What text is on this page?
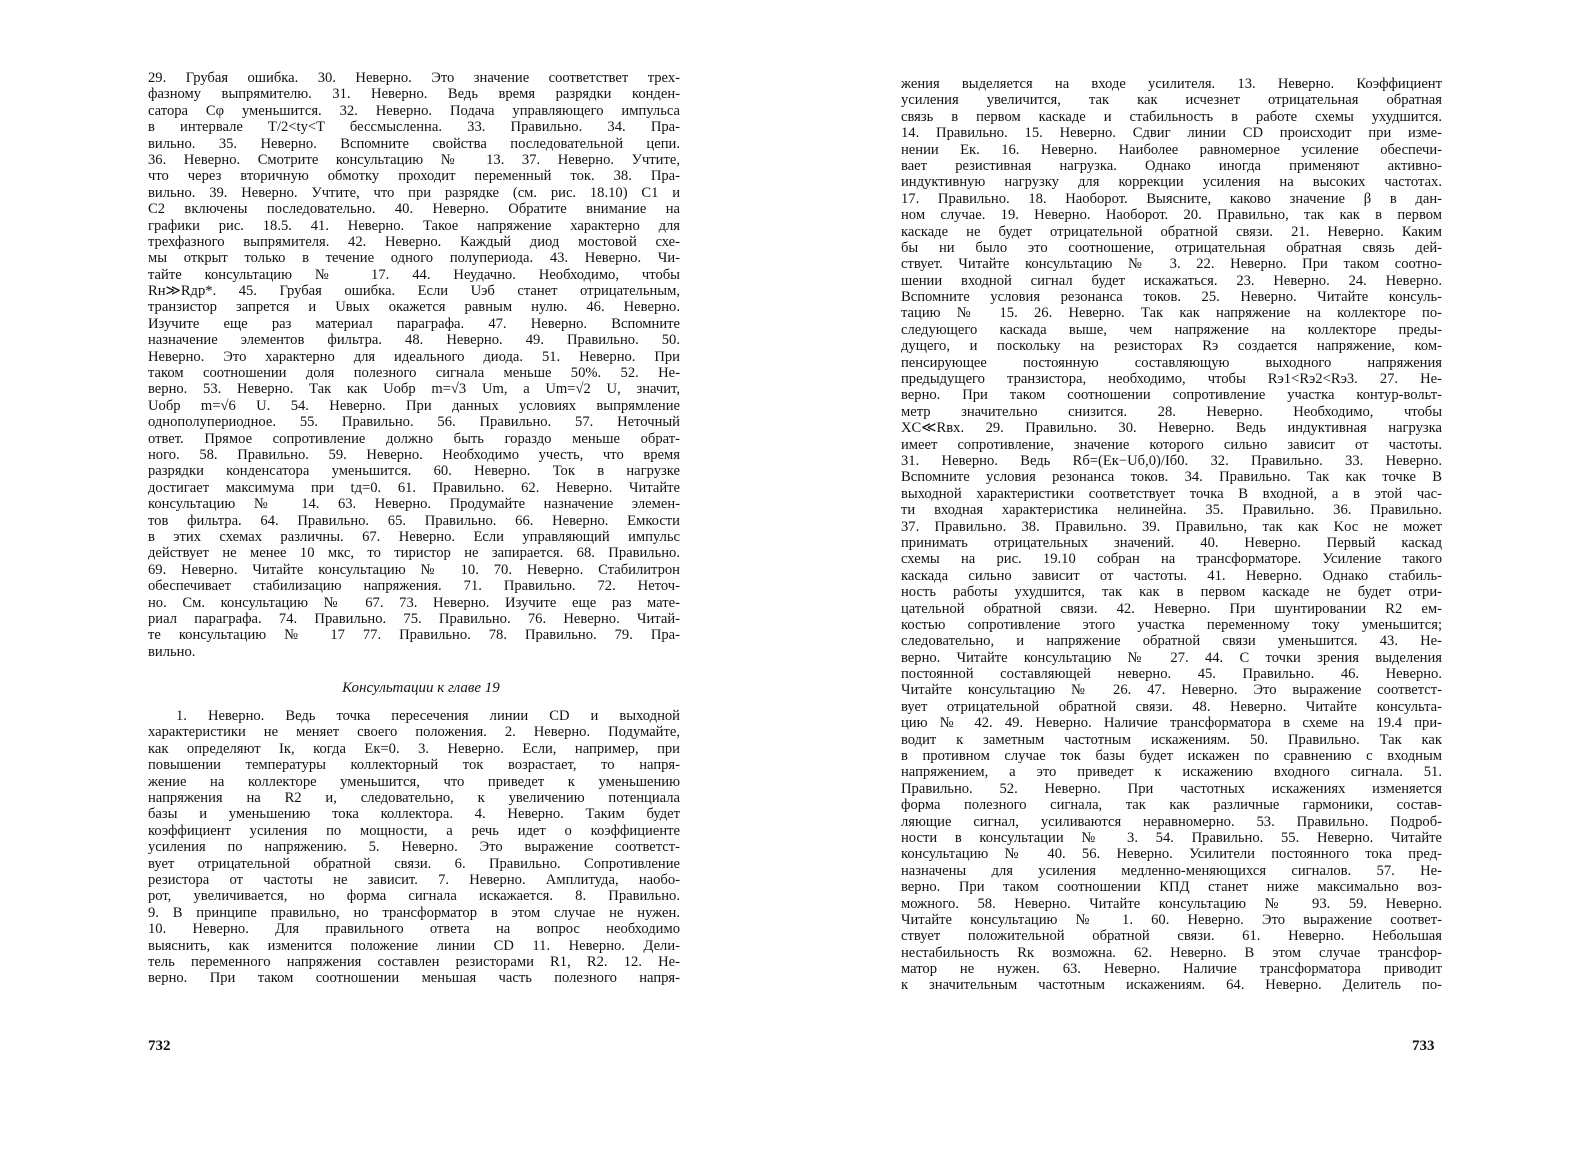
29. Грубая ошибка. 30. Неверно. Это значение соответствет трех-
фазному выпрямителю. 31. Неверно. Ведь время разрядки конден-
сатора Cφ уменьшится. 32. Неверно. Подача управляющего импульса
в интервале T/2<tу<T бессмысленна. 33. Правильно. 34. Пра-
вильно. 35. Неверно. Вспомните свойства последовательной цепи.
36. Неверно. Смотрите консультацию № 13. 37. Неверно. Учтите,
что через вторичную обмотку проходит переменный ток. 38. Пра-
вильно. 39. Неверно. Учтите, что при разрядке (см. рис. 18.10) C1 и
C2 включены последовательно. 40. Неверно. Обратите внимание на
графики рис. 18.5. 41. Неверно. Такое напряжение характерно для
трехфазного выпрямителя. 42. Неверно. Каждый диод мостовой схе-
мы открыт только в течение одного полупериода. 43. Неверно. Чи-
тайте консультацию № 17. 44. Неудачно. Необходимо, чтобы
Rн≫Rдр*. 45. Грубая ошибка. Если Uэб станет отрицательным,
транзистор запрется и Uвых окажется равным нулю. 46. Неверно.
Изучите еще раз материал параграфа. 47. Неверно. Вспомните
назначение элементов фильтра. 48. Неверно. 49. Правильно. 50.
Неверно. Это характерно для идеального диода. 51. Неверно. При
таком соотношении доля полезного сигнала меньше 50%. 52. Не-
верно. 53. Неверно. Так как Uобр m=√3 Um, а Um=√2 U, значит,
Uобр m=√6 U. 54. Неверно. При данных условиях выпрямление
однополупериодное. 55. Правильно. 56. Правильно. 57. Неточный
ответ. Прямое сопротивление должно быть гораздо меньше обрат-
ного. 58. Правильно. 59. Неверно. Необходимо учесть, что время
разрядки конденсатора уменьшится. 60. Неверно. Ток в нагрузке
достигает максимума при tд=0. 61. Правильно. 62. Неверно. Читайте
консультацию № 14. 63. Неверно. Продумайте назначение элемен-
тов фильтра. 64. Правильно. 65. Правильно. 66. Неверно. Емкости
в этих схемах различны. 67. Неверно. Если управляющий импульс
действует не менее 10 мкс, то тиристор не запирается. 68. Правильно.
69. Неверно. Читайте консультацию № 10. 70. Неверно. Стабилитрон
обеспечивает стабилизацию напряжения. 71. Правильно. 72. Неточ-
но. См. консультацию № 67. 73. Неверно. Изучите еще раз мате-
риал параграфа. 74. Правильно. 75. Правильно. 76. Неверно. Читай-
те консультацию № 17 77. Правильно. 78. Правильно. 79. Пра-
вильно.
Консультации к главе 19
1. Неверно. Ведь точка пересечения линии CD и выходной
характеристики не меняет своего положения. 2. Неверно. Подумайте,
как определяют Iк, когда Eк=0. 3. Неверно. Если, например, при
повышении температуры коллекторный ток возрастает, то напря-
жение на коллекторе уменьшится, что приведет к уменьшению
напряжения на R2 и, следовательно, к увеличению потенциала
базы и уменьшению тока коллектора. 4. Неверно. Таким будет
коэффициент усиления по мощности, а речь идет о коэффициенте
усиления по напряжению. 5. Неверно. Это выражение соответст-
вует отрицательной обратной связи. 6. Правильно. Сопротивление
резистора от частоты не зависит. 7. Неверно. Амплитуда, наобо-
рот, увеличивается, но форма сигнала искажается. 8. Правильно.
9. В принципе правильно, но трансформатор в этом случае не нужен.
10. Неверно. Для правильного ответа на вопрос необходимо
выяснить, как изменится положение линии CD 11. Неверно. Дели-
тель переменного напряжения составлен резисторами R1, R2. 12. Не-
верно. При таком соотношении меньшая часть полезного напря-
732
жения выделяется на входе усилителя. 13. Неверно. Коэффициент
усиления увеличится, так как исчезнет отрицательная обратная
связь в первом каскаде и стабильность в работе схемы ухудшится.
14. Правильно. 15. Неверно. Сдвиг линии CD происходит при изме-
нении Eк. 16. Неверно. Наиболее равномерное усиление обеспечи-
вает резистивная нагрузка. Однако иногда применяют активно-
индуктивную нагрузку для коррекции усиления на высоких частотах.
17. Правильно. 18. Наоборот. Выясните, каково значение β в дан-
ном случае. 19. Неверно. Наоборот. 20. Правильно, так как в первом
каскаде не будет отрицательной обратной связи. 21. Неверно. Каким
бы ни было это соотношение, отрицательная обратная связь дей-
ствует. Читайте консультацию № 3. 22. Неверно. При таком соотно-
шении входной сигнал будет искажаться. 23. Неверно. 24. Неверно.
Вспомните условия резонанса токов. 25. Неверно. Читайте консуль-
тацию № 15. 26. Неверно. Так как напряжение на коллекторе по-
следующего каскада выше, чем напряжение на коллекторе преды-
дущего, и поскольку на резисторах Rэ создается напряжение, ком-
пенсирующее постоянную составляющую выходного напряжения
предыдущего транзистора, необходимо, чтобы Rэ1<Rэ2<Rэ3. 27. Не-
верно. При таком соотношении сопротивление участка контур-вольт-
метр значительно снизится. 28. Неверно. Необходимо, чтобы
XC≪Rвх. 29. Правильно. 30. Неверно. Ведь индуктивная нагрузка
имеет сопротивление, значение которого сильно зависит от частоты.
31. Неверно. Ведь Rб=(Eк−Uб,0)/Iб0. 32. Правильно. 33. Неверно.
Вспомните условия резонанса токов. 34. Правильно. Так как точке B
выходной характеристики соответствует точка B входной, а в этой час-
ти входная характеристика нелинейна. 35. Правильно. 36. Правильно.
37. Правильно. 38. Правильно. 39. Правильно, так как Kос не может
принимать отрицательных значений. 40. Неверно. Первый каскад
схемы на рис. 19.10 собран на трансформаторе. Усиление такого
каскада сильно зависит от частоты. 41. Неверно. Однако стабиль-
ность работы ухудшится, так как в первом каскаде не будет отри-
цательной обратной связи. 42. Неверно. При шунтировании R2 ем-
костью сопротивление этого участка переменному току уменьшится;
следовательно, и напряжение обратной связи уменьшится. 43. Не-
верно. Читайте консультацию № 27. 44. С точки зрения выделения
постоянной составляющей неверно. 45. Правильно. 46. Неверно.
Читайте консультацию № 26. 47. Неверно. Это выражение соответст-
вует отрицательной обратной связи. 48. Неверно. Читайте консульта-
цию № 42. 49. Неверно. Наличие трансформатора в схеме на 19.4 при-
водит к заметным частотным искажениям. 50. Правильно. Так как
в противном случае ток базы будет искажен по сравнению с входным
напряжением, а это приведет к искажению входного сигнала. 51.
Правильно. 52. Неверно. При частотных искажениях изменяется
форма полезного сигнала, так как различные гармоники, состав-
ляющие сигнал, усиливаются неравномерно. 53. Правильно. Подроб-
ности в консультации № 3. 54. Правильно. 55. Неверно. Читайте
консультацию № 40. 56. Неверно. Усилители постоянного тока пред-
назначены для усиления медленно-меняющихся сигналов. 57. Не-
верно. При таком соотношении КПД станет ниже максимально воз-
можного. 58. Неверно. Читайте консультацию № 93. 59. Неверно.
Читайте консультацию № 1. 60. Неверно. Это выражение соответ-
ствует положительной обратной связи. 61. Неверно. Небольшая
нестабильность Rк возможна. 62. Неверно. В этом случае трансфор-
матор не нужен. 63. Неверно. Наличие трансформатора приводит
к значительным частотным искажениям. 64. Неверно. Делитель по-
733
